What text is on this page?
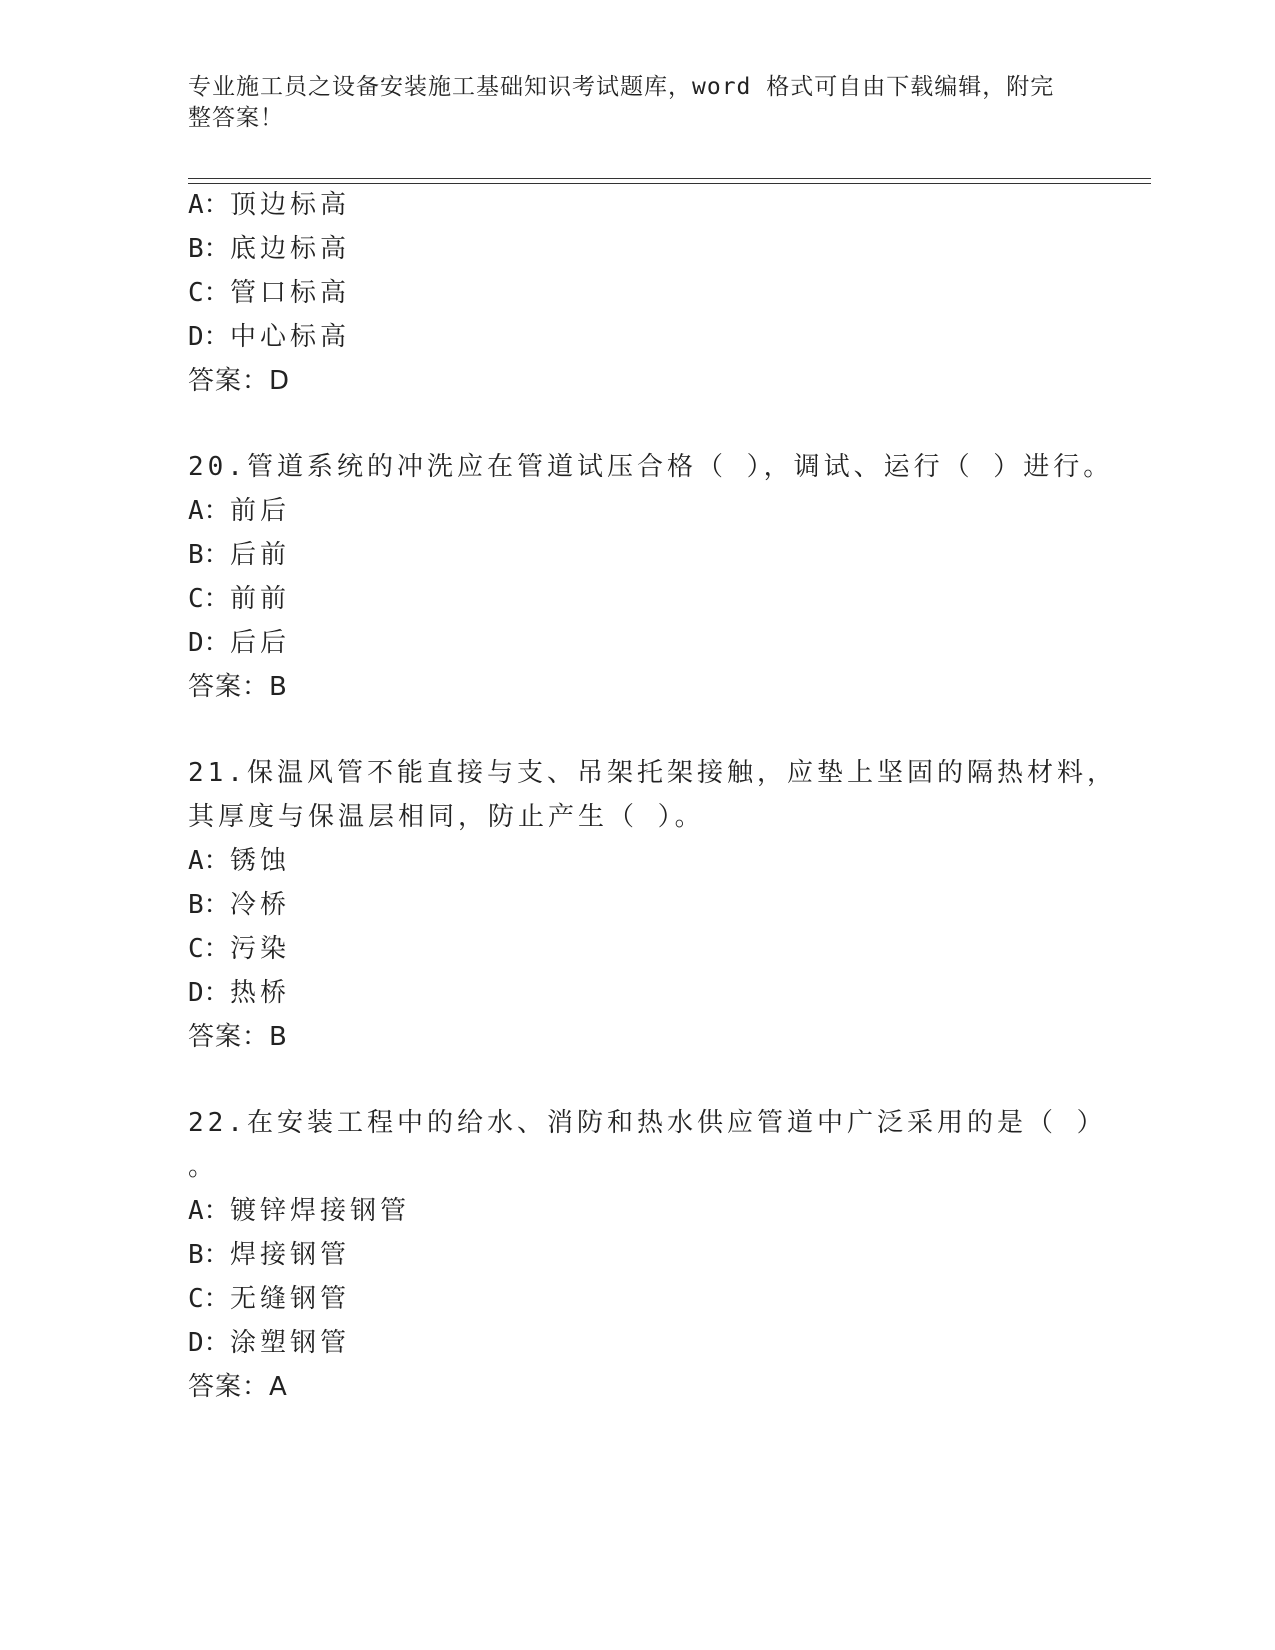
专业施工员之设备安装施工基础知识考试题库，word 格式可自由下载编辑，附完整答案！
A：顶边标高
B：底边标高
C：管口标高
D：中心标高
答案：D
20.管道系统的冲洗应在管道试压合格（ ），调试、运行（ ）进行。
A：前后
B：后前
C：前前
D：后后
答案：B
21.保温风管不能直接与支、吊架托架接触，应垫上坚固的隔热材料，
其厚度与保温层相同，防止产生（ ）。
A：锈蚀
B：冷桥
C：污染
D：热桥
答案：B
22.在安装工程中的给水、消防和热水供应管道中广泛采用的是（ ）
。
A：镀锌焊接钢管
B：焊接钢管
C：无缝钢管
D：涂塑钢管
答案：A
